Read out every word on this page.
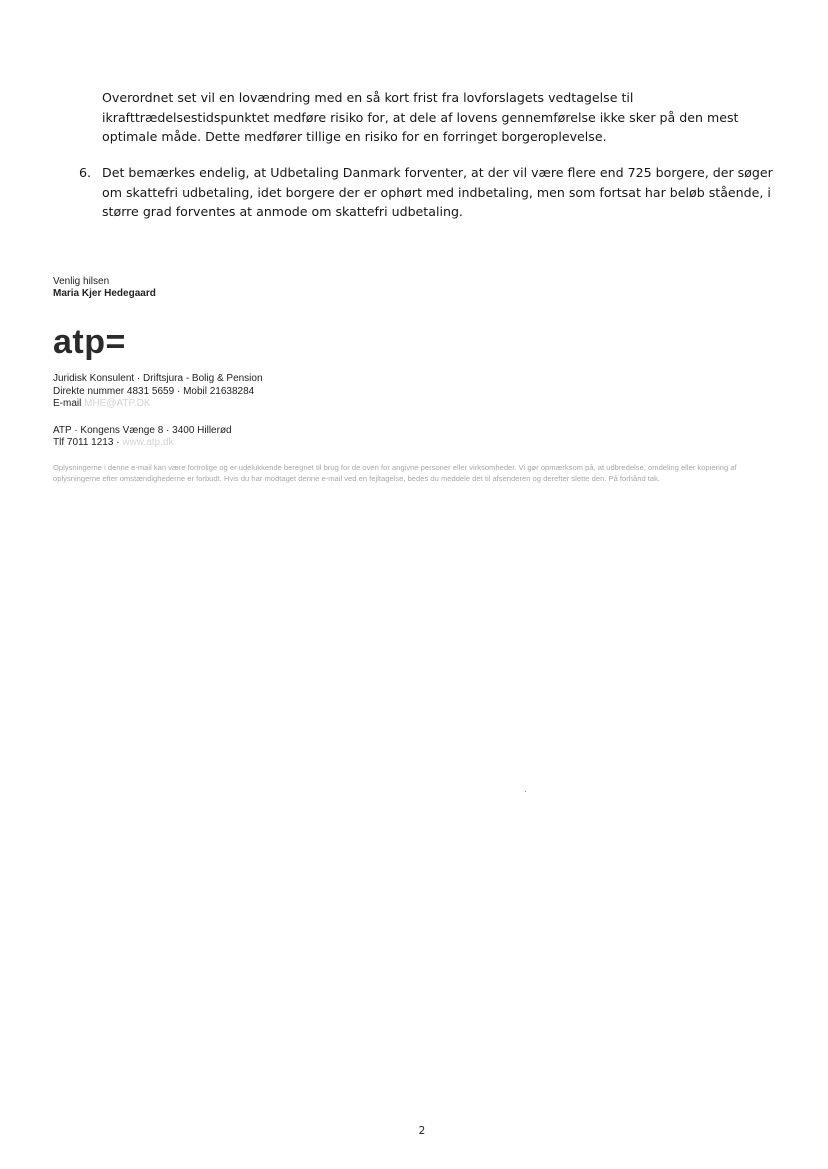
Overordnet set vil en lovændring med en så kort frist fra lovforslagets vedtagelse til ikrafttrædelsestidspunktet medføre risiko for, at dele af lovens gennemførelse ikke sker på den mest optimale måde. Dette medfører tillige en risiko for en forringet borgeroplevelse.

6. Det bemærkes endelig, at Udbetaling Danmark forventer, at der vil være flere end 725 borgere, der søger om skattefri udbetaling, idet borgere der er ophørt med indbetaling, men som fortsat har beløb stående, i større grad forventes at anmode om skattefri udbetaling.

Venlig hilsen
Maria Kjer Hedegaard
atp=
Juridisk Konsulent · Driftsjura - Bolig & Pension
Direkte nummer 4831 5659 · Mobil 21638284
E-mail MHE@ATP.DK
ATP · Kongens Vænge 8 · 3400 Hillerød
Tlf 7011 1213 · www.atp.dk

Oplysningerne i denne e-mail kan være fortrolige og er udelukkende beregnet til brug for de oven for angivne personer eller virksomheder. Vi gør opmærksom på, at udbredelse, omdeling eller kopiering af oplysningerne efter omstændighederne er forbudt. Hvis du har modtaget denne e-mail ved en fejltagelse, bedes du meddele det til afsenderen og derefter slette den. På forhånd tak.

2
